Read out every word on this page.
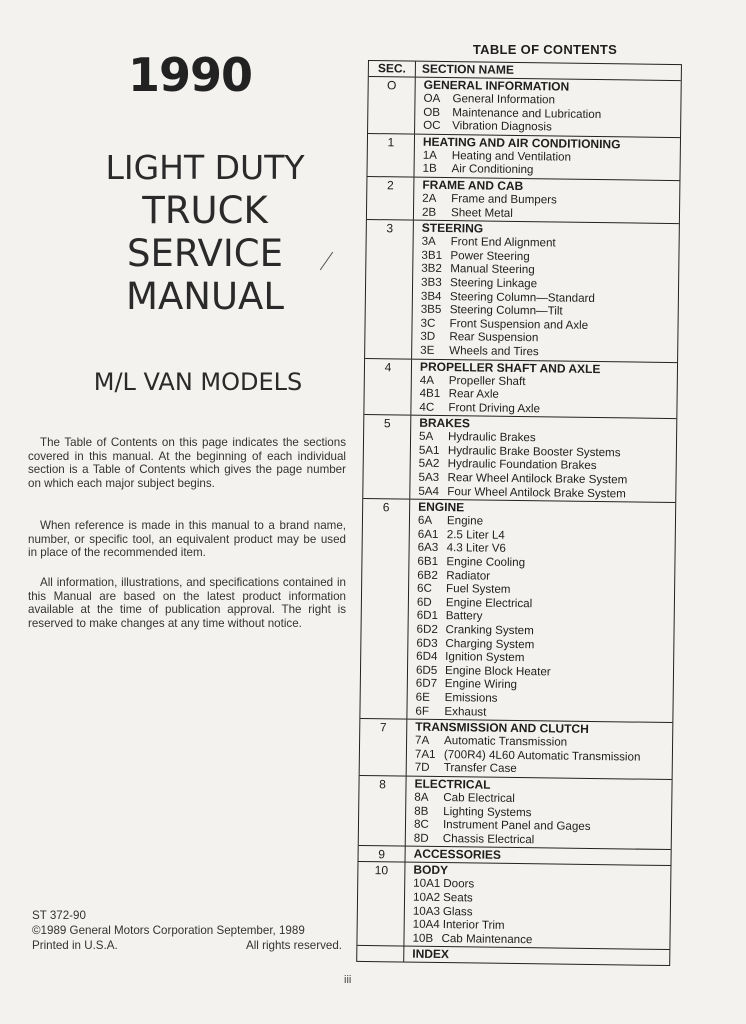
1990
LIGHT DUTY
TRUCK
SERVICE
MANUAL
M/L VAN MODELS
The Table of Contents on this page indicates the sections covered in this manual. At the beginning of each individual section is a Table of Contents which gives the page number on which each major subject begins.
When reference is made in this manual to a brand name, number, or specific tool, an equivalent product may be used in place of the recommended item.
All information, illustrations, and specifications contained in this Manual are based on the latest product information available at the time of publication approval. The right is reserved to make changes at any time without notice.
ST 372-90
©1989 General Motors Corporation September, 1989
Printed in U.S.A.	All rights reserved.
iii
TABLE OF CONTENTS
SEC.	SECTION NAME
O	GENERAL INFORMATION
OA General Information
OB Maintenance and Lubrication
OC Vibration Diagnosis
1	HEATING AND AIR CONDITIONING
1A Heating and Ventilation
1B Air Conditioning
2	FRAME AND CAB
2A Frame and Bumpers
2B Sheet Metal
3	STEERING
3A Front End Alignment
3B1 Power Steering
3B2 Manual Steering
3B3 Steering Linkage
3B4 Steering Column—Standard
3B5 Steering Column—Tilt
3C Front Suspension and Axle
3D Rear Suspension
3E Wheels and Tires
4	PROPELLER SHAFT AND AXLE
4A Propeller Shaft
4B1 Rear Axle
4C Front Driving Axle
5	BRAKES
5A Hydraulic Brakes
5A1 Hydraulic Brake Booster Systems
5A2 Hydraulic Foundation Brakes
5A3 Rear Wheel Antilock Brake System
5A4 Four Wheel Antilock Brake System
6	ENGINE
6A Engine
6A1 2.5 Liter L4
6A3 4.3 Liter V6
6B1 Engine Cooling
6B2 Radiator
6C Fuel System
6D Engine Electrical
6D1 Battery
6D2 Cranking System
6D3 Charging System
6D4 Ignition System
6D5 Engine Block Heater
6D7 Engine Wiring
6E Emissions
6F Exhaust
7	TRANSMISSION AND CLUTCH
7A Automatic Transmission
7A1 (700R4) 4L60 Automatic Transmission
7D Transfer Case
8	ELECTRICAL
8A Cab Electrical
8B Lighting Systems
8C Instrument Panel and Gages
8D Chassis Electrical
9	ACCESSORIES
10	BODY
10A1 Doors
10A2 Seats
10A3 Glass
10A4 Interior Trim
10B Cab Maintenance
INDEX
